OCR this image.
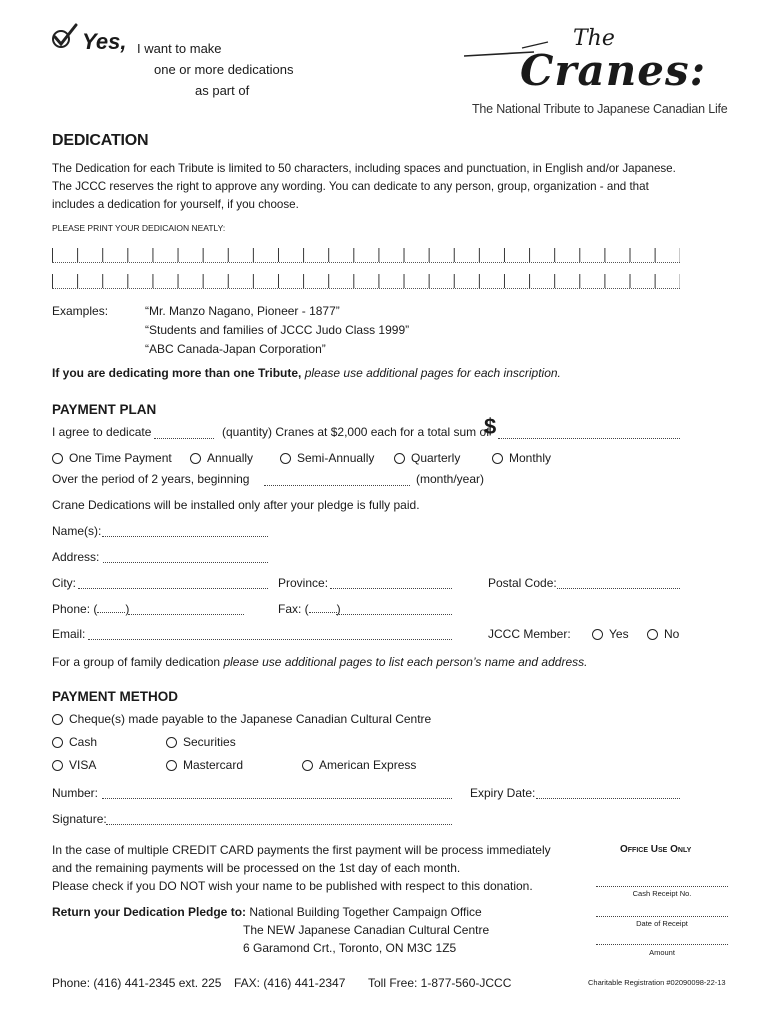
Yes, I want to make
one or more dedications
as part of
The
Cranes:
The National Tribute to Japanese Canadian Life
DEDICATION
The Dedication for each Tribute is limited to 50 characters, including spaces and punctuation, in English and/or Japanese.
The JCCC reserves the right to approve any wording. You can dedicate to any person, group, organization - and that
includes a dedication for yourself, if you choose.
PLEASE PRINT YOUR DEDICAION NEATLY:
Examples:	“Mr. Manzo Nagano, Pioneer - 1877”
“Students and families of JCCC Judo Class 1999”
“ABC Canada-Japan Corporation”
If you are dedicating more than one Tribute, please use additional pages for each inscription.
PAYMENT PLAN
I agree to dedicate	(quantity) Cranes at $2,000 each for a total sum of
$
One Time Payment	Annually	Semi-Annually	Quarterly	Monthly
Over the period of 2 years, beginning	(month/year)
Crane Dedications will be installed only after your pledge is fully paid.
Name(s):
Address:
City:	Province:	Postal Code:
Phone: ( )	Fax: ( )
Email:	JCCC Member:	Yes	No
For a group of family dedication please use additional pages to list each person’s name and address.
PAYMENT METHOD
Cheque(s) made payable to the Japanese Canadian Cultural Centre
Cash	Securities
VISA	Mastercard	American Express
Number:	Expiry Date:
Signature:
In the case of multiple CREDIT CARD payments the first payment will be process immediately
and the remaining payments will be processed on the 1st day of each month.
Please check if you DO NOT wish your name to be published with respect to this donation.
Return your Dedication Pledge to: National Building Together Campaign Office
The NEW Japanese Canadian Cultural Centre
6 Garamond Crt., Toronto, ON M3C 1Z5
Office Use Only
Cash Receipt No.
Date of Receipt
Amount
Phone: (416) 441-2345 ext. 225 FAX: (416) 441-2347 Toll Free: 1-877-560-JCCC	Charitable Registration #02090098-22-13
